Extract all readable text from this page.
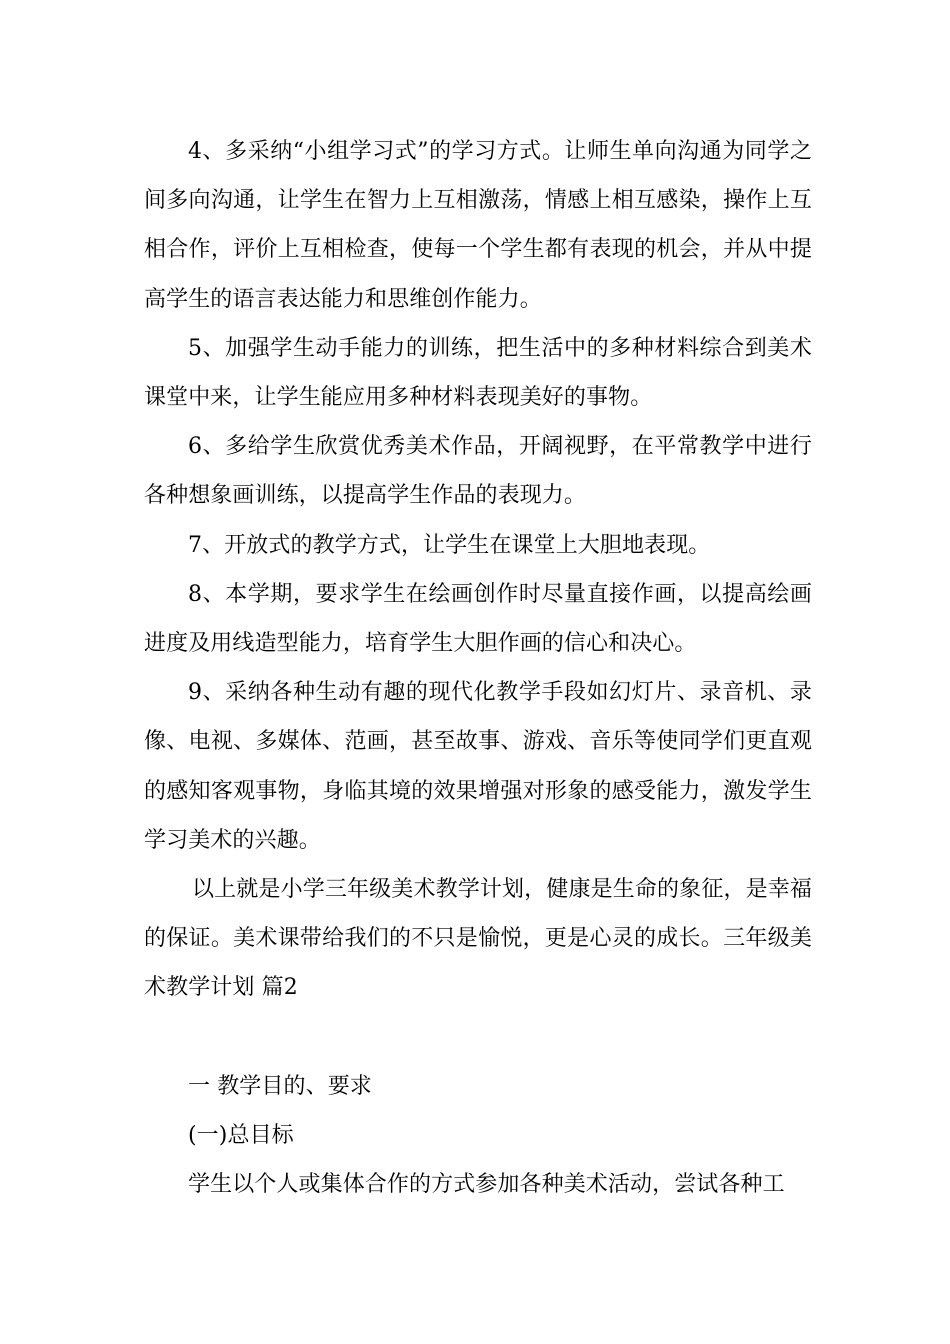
4、多采纳“小组学习式”的学习方式。让师生单向沟通为同学之间多向沟通，让学生在智力上互相激荡，情感上相互感染，操作上互相合作，评价上互相检查，使每一个学生都有表现的机会，并从中提高学生的语言表达能力和思维创作能力。

5、加强学生动手能力的训练，把生活中的多种材料综合到美术课堂中来，让学生能应用多种材料表现美好的事物。

6、多给学生欣赏优秀美术作品，开阔视野，在平常教学中进行各种想象画训练，以提高学生作品的表现力。

7、开放式的教学方式，让学生在课堂上大胆地表现。

8、本学期，要求学生在绘画创作时尽量直接作画，以提高绘画进度及用线造型能力，培育学生大胆作画的信心和决心。

9、采纳各种生动有趣的现代化教学手段如幻灯片、录音机、录像、电视、多媒体、范画，甚至故事、游戏、音乐等使同学们更直观的感知客观事物，身临其境的效果增强对形象的感受能力，激发学生学习美术的兴趣。

以上就是小学三年级美术教学计划，健康是生命的象征，是幸福的保证。美术课带给我们的不只是愉悦，更是心灵的成长。三年级美术教学计划 篇2

一 教学目的、要求

(一)总目标

学生以个人或集体合作的方式参加各种美术活动，尝试各种工
